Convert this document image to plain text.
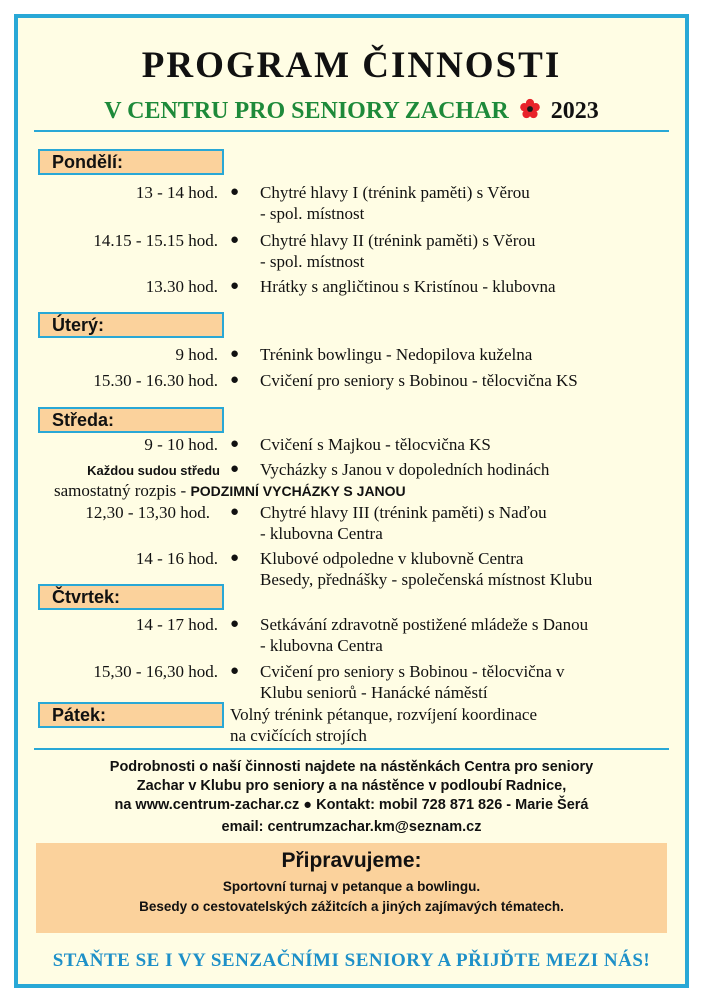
PROGRAM ČINNOSTI
V CENTRU PRO SENIORY ZACHAR 2023
Pondělí:
13 - 14 hod. ● Chytré hlavy I (trénink paměti) s Věrou
- spol. místnost
14.15 - 15.15 hod. ● Chytré hlavy II (trénink paměti) s Věrou
- spol. místnost
13.30 hod. ● Hrátky s angličtinou s Kristínou - klubovna
Úterý:
9 hod. ● Trénink bowlingu - Nedopilova kuželna
15.30 - 16.30 hod. ● Cvičení pro seniory s Bobinou - tělocvična KS
Středa:
9 - 10 hod. ● Cvičení s Majkou - tělocvična KS
Každou sudou středu ● Vycházky s Janou v dopoledních hodinách
samostatný rozpis - PODZIMNÍ VYCHÁZKY S JANOU
12,30 - 13,30 hod. ● Chytré hlavy III (trénink paměti) s Naďou
- klubovna Centra
14 - 16 hod. ● Klubové odpoledne v klubovně Centra
Besedy, přednášky - společenská místnost Klubu
Čtvrtek:
14 - 17 hod. ● Setkávání zdravotně postižené mládeže s Danou
- klubovna Centra
15,30 - 16,30 hod. ● Cvičení pro seniory s Bobinou - tělocvična v
Klubu seniorů - Hanácké náměstí
Pátek:	Volný trénink pétanque, rozvíjení koordinace
na cvičících strojích
Podrobnosti o naší činnosti najdete na nástěnkách Centra pro seniory
Zachar v Klubu pro seniory a na nástěnce v podloubí Radnice,
na www.centrum-zachar.cz ● Kontakt: mobil 728 871 826 - Marie Šerá
email: centrumzachar.km@seznam.cz
Připravujeme:
Sportovní turnaj v petanque a bowlingu.
Besedy o cestovatelských zážitcích a jiných zajímavých tématech.
STAŇTE SE I VY SENZAČNÍMI SENIORY A PŘIJĎTE MEZI NÁS!
